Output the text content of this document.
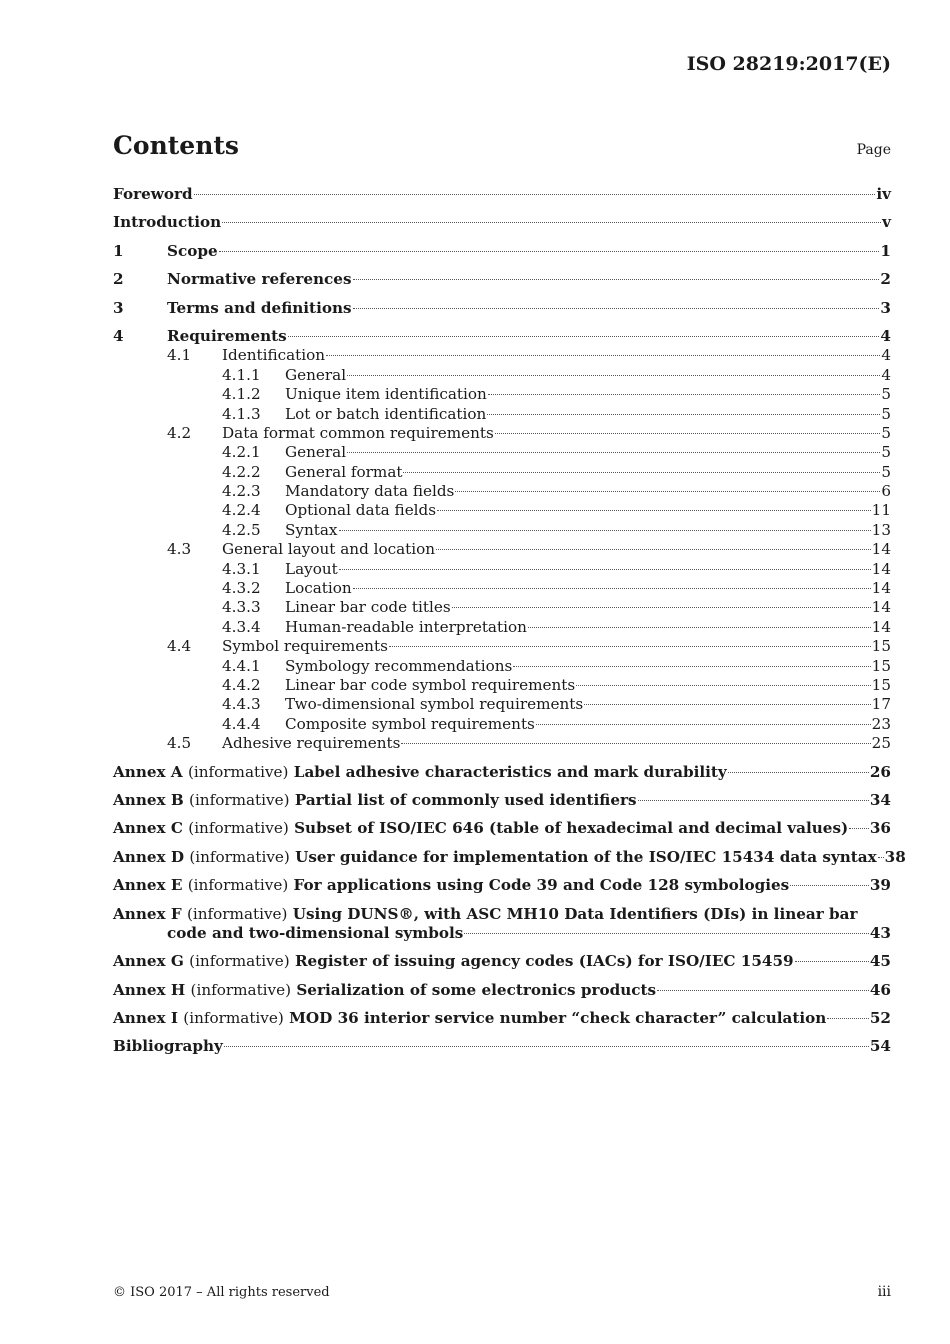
ISO 28219:2017(E)
Contents	Page
Foreword	iv
Introduction	v
1	Scope	1
2	Normative references	2
3	Terms and definitions	3
4	Requirements	4
4.1	Identification	4
4.1.1	General	4
4.1.2	Unique item identification	5
4.1.3	Lot or batch identification	5
4.2	Data format common requirements	5
4.2.1	General	5
4.2.2	General format	5
4.2.3	Mandatory data fields	6
4.2.4	Optional data fields	11
4.2.5	Syntax	13
4.3	General layout and location	14
4.3.1	Layout	14
4.3.2	Location	14
4.3.3	Linear bar code titles	14
4.3.4	Human-readable interpretation	14
4.4	Symbol requirements	15
4.4.1	Symbology recommendations	15
4.4.2	Linear bar code symbol requirements	15
4.4.3	Two-dimensional symbol requirements	17
4.4.4	Composite symbol requirements	23
4.5	Adhesive requirements	25
Annex A (informative) Label adhesive characteristics and mark durability	26
Annex B (informative) Partial list of commonly used identifiers	34
Annex C (informative) Subset of ISO/IEC 646 (table of hexadecimal and decimal values) 36
Annex D (informative) User guidance for implementation of the ISO/IEC 15434 data syntax 38
Annex E (informative) For applications using Code 39 and Code 128 symbologies	39
Annex F (informative) Using DUNS®, with ASC MH10 Data Identifiers (DIs) in linear bar
code and two-dimensional symbols	43
Annex G (informative) Register of issuing agency codes (IACs) for ISO/IEC 15459	45
Annex H (informative) Serialization of some electronics products	46
Annex I (informative) MOD 36 interior service number “check character” calculation	52
Bibliography	54
© ISO 2017 – All rights reserved	iii
